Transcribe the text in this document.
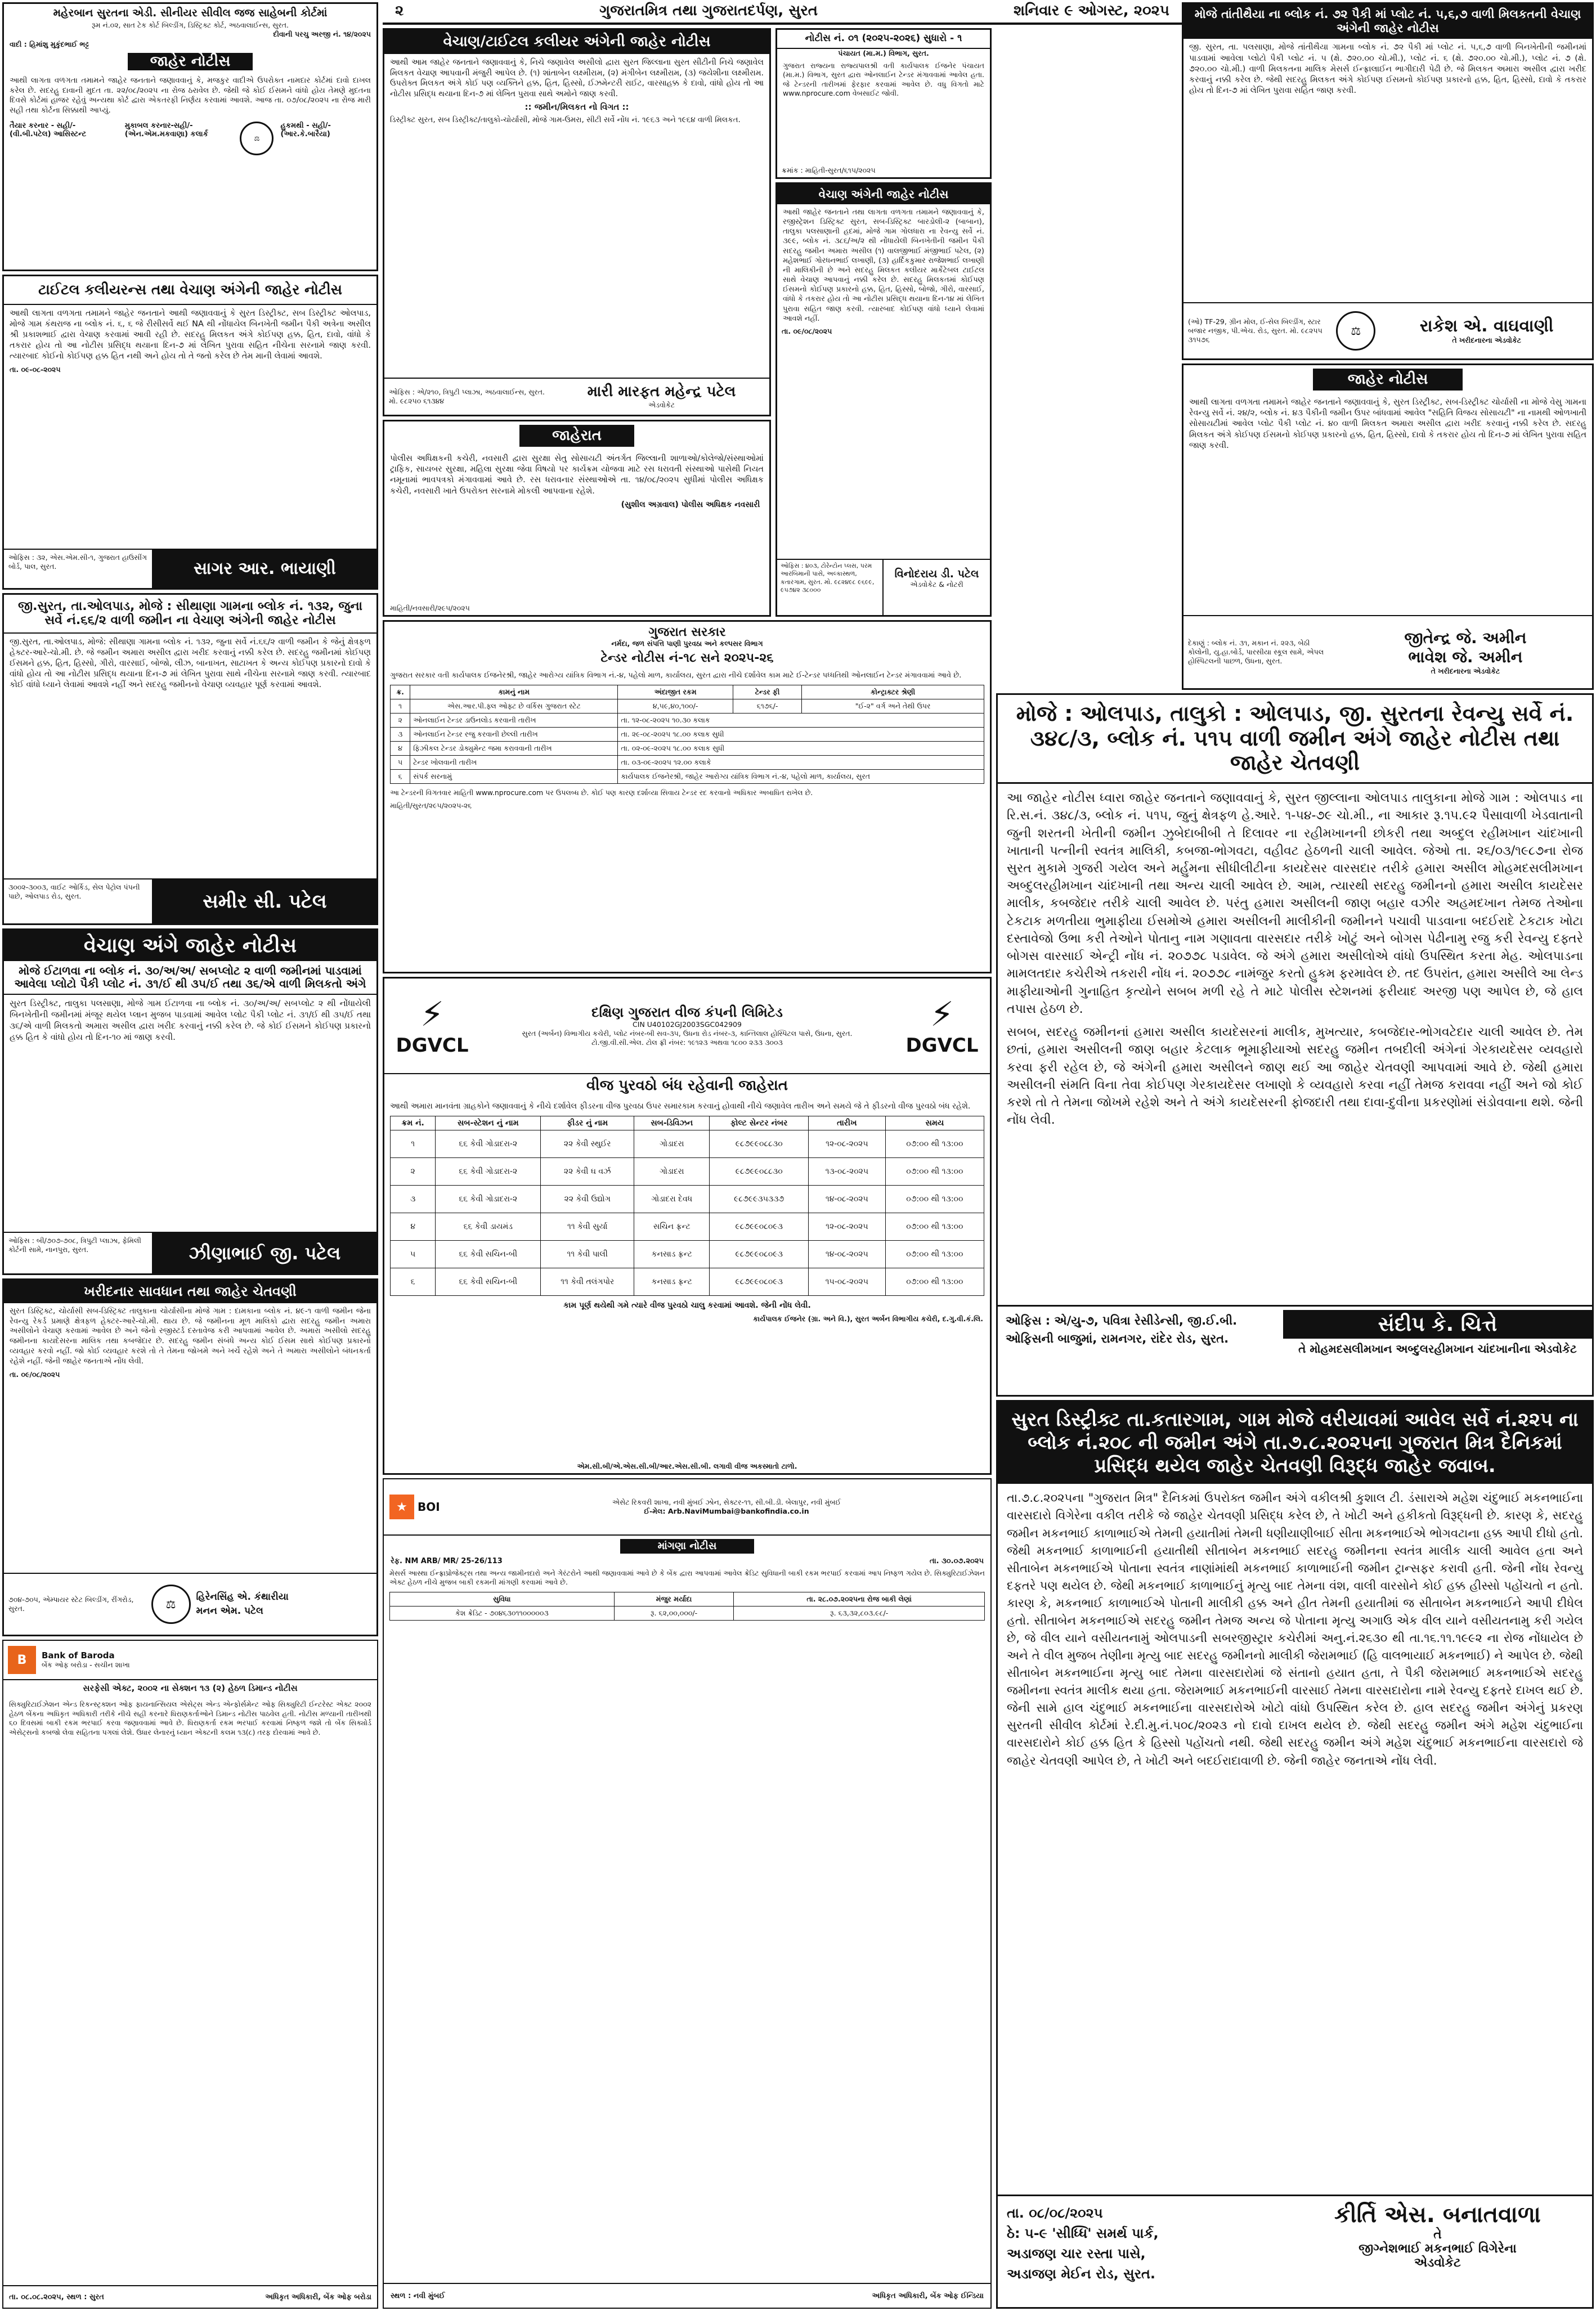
૨	ગુજરાતમિત્ર તથા ગુજરાતદર્પણ, સુરત	શનિવાર ૯ ઓગસ્ટ, ૨૦૨૫
મહેરબાન સુરતના એડી. સીનીયર સીવીલ જજ સાહેબની કોર્ટમાં
રૂમ નં.૦૨, સાત ટેક કોર્ટ બિલ્ડીંગ, ડિસ્ટ્રિક્ટ કોર્ટ, અઠવાલાઈન્સ, સુરત.
દીવાની પરચુ અરજી નં. ૧૪/૨૦૨૫
વાદી : હિમાંશુ મુકુંદભાઈ ભટ્ટ
જાહેર નોટીસ
આથી લાગતા વળગતા તમામને જાહેર જનતાને જણાવવાનું કે, મજકુર વાદીએ ઉપરોક્ત નામદાર કોર્ટમાં દાવો દાખલ કરેલ છે. સદરહુ દાવાની મુદત તા. ૨૨/૦૮/૨૦૨૫ ના રોજ ઠરાવેલ છે. જેથી જે કોઈ ઈસમને વાંધો હોય તેમણે મુદતના દિવસે કોર્ટમાં હાજર રહેવું અન્યથા કોર્ટ દ્વારા એકતરફી નિર્ણય કરવામાં આવશે. આજ તા. ૦૭/૦૮/૨૦૨૫ ના રોજ મારી સહી તથા કોર્ટના સિક્કાથી આપ્યું.
તૈયાર કરનાર - સહી/- (વી.બી.પટેલ) આસિસ્ટન્ટ
મુકાબલ કરનાર-સહી/- (એન.એમ.મકવાણા) કલાર્ક	⚖
હુકમથી - સહી/- (આર.કે.બારૈયા)
ટાઈટલ કલીયરન્સ તથા વેચાણ અંગેની જાહેર નોટીસ
આથી લાગતા વળગતા તમામને જાહેર જનતાને આથી જણાવવાનું કે સુરત ડિસ્ટ્રીક્ટ, સબ ડિસ્ટ્રીક્ટ ઓલપાડ, મોજે ગામ કંથરાજ ના બ્લોક નં. ૬, ૬ જે રીસીસર્વે થઈ NA થી નોંધાયેલ બિનખેતી જમીન પૈકી અત્રેના અસીલ શ્રી પ્રકાશભાઈ દ્વારા વેચાણ કરવામાં આવી રહી છે. સદરહુ મિલકત અંગે કોઈપણ હક્ક, હિત, દાવો, વાંધો કે તકરાર હોય તો આ નોટીસ પ્રસિદ્ધ થયાના દિન-૭ માં લેખિત પુરાવા સહિત નીચેના સરનામે જાણ કરવી. ત્યારબાદ કોઈનો કોઈપણ હક્ક હિત નથી અને હોય તો તે જતો કરેલ છે તેમ માની લેવામાં આવશે.
તા. ૦૯-૦૮-૨૦૨૫
ઓફિસ : ૩૨, એસ.એમ.સી-૧, ગુજરાત હાઉસીંગ બોર્ડ, પાલ, સુરત.	સાગર આર. ભાયાણી
જી.સુરત, તા.ઓલપાડ, મોજે : સીથાણા ગામના બ્લોક નં. ૧૩૨, જુના સર્વે નં.૬૬/૨ વાળી જમીન ના વેચાણ અંગેની જાહેર નોટીસ
જી.સુરત, તા.ઓલપાડ, મોજે: સીથાણા ગામના બ્લોક નં. ૧૩૨, જુના સર્વે નં.૬૬/૨ વાળી જમીન કે જેનું ક્ષેત્રફળ હેક્ટર-આરે-ચો.મી. છે. જે જમીન અમારા અસીલ દ્વારા ખરીદ કરવાનું નક્કી કરેલ છે. સદરહુ જમીનમાં કોઈપણ ઈસમને હક્ક, હિત, હિસ્સો, ગીરો, વારસાઈ, બોજો, લીઝ, બાનાખત, સાટાખત કે અન્ય કોઈપણ પ્રકારનો દાવો કે વાંધો હોય તો આ નોટીસ પ્રસિદ્ધ થયાના દિન-૭ માં લેખિત પુરાવા સાથે નીચેના સરનામે જાણ કરવી. ત્યારબાદ કોઈ વાંધો ધ્યાને લેવામાં આવશે નહીં અને સદરહુ જમીનનો વેચાણ વ્યવહાર પૂર્ણ કરવામાં આવશે.
૩૦૦૨-૩૦૦૩, વાઈટ ઓર્કિડ, સેલ પેટ્રોલ પંપની પાછે, ઓલપાડ રોડ, સુરત.	સમીર સી. પટેલ
વેચાણ અંગે જાહેર નોટીસ
મોજે ઈટાળવા ના બ્લોક નં. ૩૦/અ/અ/ સબપ્લોટ ૨ વાળી જમીનમાં પાડવામાં આવેલા પ્લોટો પૈકી પ્લોટ નં. ૩૧/ઈ થી ૩૫/ઈ તથા ૩૬/એ વાળી મિલકતો અંગે
સુરત ડિસ્ટ્રીક્ટ, તાલુકા પલસાણા, મોજે ગામ ઈટાળવા ના બ્લોક નં. ૩૦/અ/અ/ સબપ્લોટ ૨ થી નોંધાયેલી બિનખેતીની જમીનમાં મંજૂર થયેલ પ્લાન મુજબ પાડવામાં આવેલ પ્લોટ પૈકી પ્લોટ નં. ૩૧/ઈ થી ૩૫/ઈ તથા ૩૬/એ વાળી મિલકતો અમારા અસીલ દ્વારા ખરીદ કરવાનું નક્કી કરેલ છે. જે કોઈ ઈસમને કોઈપણ પ્રકારનો હક્ક હિત કે વાંધો હોય તો દિન-૧૦ માં જાણ કરવી.
ઓફિસ : બી/૭૦૭-૭૦૮, ત્રિપુટી પ્લાઝા, ફેમિલી કોર્ટની સામે, નાનપુરા, સુરત.	ઝીણાભાઈ જી. પટેલ
ખરીદનાર સાવધાન તથા જાહેર ચેતવણી
સુરત ડિસ્ટ્રિક્ટ, ચોર્યાસી સબ-ડિસ્ટ્રિક્ટ તાલુકાના ચોર્યાસીના મોજે ગામ : દામકાના બ્લોક નં. ૪૯-૧ વાળી જમીન જેના રેવન્યુ રેકર્ડ પ્રમાણે ક્ષેત્રફળ હેક્ટર-આરે-ચો.મી. થાય છે. જે જમીનના મૂળ માલિકો દ્વારા સદરહુ જમીન અમારા અસીલોને વેચાણ કરવામાં આવેલ છે અને જેનો રજીસ્ટર્ડ દસ્તાવેજ કરી આપવામાં આવેલ છે. અમારા અસીલો સદરહુ જમીનના કાયદેસરના માલિક તથા કબજેદાર છે. સદરહુ જમીન સંબંધે અન્ય કોઈ ઈસમ સાથે કોઈપણ પ્રકારનો વ્યવહાર કરવો નહીં. જો કોઈ વ્યવહાર કરશે તો તે તેમના જોખમે અને ખર્ચે રહેશે અને તે અમારા અસીલોને બંધનકર્તા રહેશે નહીં. જેની જાહેર જનતાએ નોંધ લેવી.
તા. ૦૯/૦૮/૨૦૨૫
૭૦૪-૭૦૫, એમ્પાયર સ્ટેટ બિલ્ડીંગ, રીંગરોડ, સુરત.	⚖
હિરેનસિંહ એ. કંથારીયા
મનન એમ. પટેલ
B	Bank of Baroda
બેંક ઓફ બરોડા - સચીન શાખા
સરફેસી એક્ટ, ૨૦૦૨ ના સેક્શન ૧૩ (૨) હેઠળ ડિમાન્ડ નોટીસ
સિક્યુરિટાઈઝેશન એન્ડ રિકન્સ્ટ્રક્શન ઓફ ફાયનાન્સિયલ એસેટ્સ એન્ડ એન્ફોર્સમેન્ટ ઓફ સિક્યુરિટી ઈન્ટરેસ્ટ એક્ટ ૨૦૦૨ હેઠળ બેંકના અધિકૃત અધિકારી તરીકે નીચે સહી કરનારે ધિરાણકર્તાઓને ડિમાન્ડ નોટીસ પાઠવેલ હતી. નોટીસ મળ્યાની તારીખથી ૬૦ દિવસમાં બાકી રકમ ભરપાઈ કરવા જણાવવામાં આવે છે. ધિરાણકર્તા રકમ ભરપાઈ કરવામાં નિષ્ફળ જશે તો બેંક સિક્યોર્ડ એસેટ્સનો કબજો લેવા સહિતના પગલાં લેશે. ઉધાર લેનારનું ધ્યાન એક્ટની કલમ ૧૩(૮) તરફ દોરવામાં આવે છે.
તા. ૦૮.૦૮.૨૦૨૫, સ્થળ : સુરત	અધિકૃત અધિકારી, બેંક ઓફ બરોડા
વેચાણ/ટાઈટલ કલીયર અંગેની જાહેર નોટીસ
આથી આમ જાહેર જનતાને જણાવવાનું કે, નિચે જણાવેલ અસીલો દ્વારા સુરત જિલ્લાના સુરત સીટીની નિચે જણાવેલ મિલકત વેચાણ આપવાની મંજુરી આપેલ છે. (૧) શાંતાબેન લક્ષ્મીરામ, (૨) મંગીબેન લક્ષ્મીરામ, (૩) જયેશીના લક્ષ્મીરામ. ઉપરોક્ત મિલકત અંગે કોઈ પણ વ્યક્તિને હક્ક, હિત, હિસ્સો, ઈઝમેન્ટરી રાઈટ, વારસાહક્ક કે દાવો, વાંધો હોય તો આ નોટીસ પ્રસિદ્ધ થયાના દિન-૭ માં લેખિત પુરાવા સાથે અમોને જાણ કરવી.
:: જમીન/મિલકત નો વિગત ::
ડિસ્ટ્રીક્ટ સુરત, સબ ડિસ્ટ્રીક્ટ/તાલુકો-ચોર્યાસી, મોજે ગામ-ઉમરા, સીટી સર્વે નોંધ નં. ૧૯૬૩ અને ૧૯૬૪ વાળી મિલકત.
ઓફિસ : એ/૨૧૦, ત્રિપુટી પ્લાઝા, અઠવાલાઈન્સ, સુરત. મો. ૯૮૨૫૦ ૬૧૩૪૪
મારી મારફત મહેન્દ્ર પટેલ
એડવોકેટ
જાહેરાત
પોલીસ અધિક્ષકની કચેરી, નવસારી દ્વારા સુરક્ષા સેતુ સોસાયટી અંતર્ગત જિલ્લાની શાળાઓ/કોલેજો/સંસ્થાઓમાં ટ્રાફિક, સાયબર સુરક્ષા, મહિલા સુરક્ષા જેવા વિષયો પર કાર્યક્રમ યોજવા માટે રસ ધરાવતી સંસ્થાઓ પાસેથી નિયત નમૂનામાં ભાવપત્રકો મંગાવવામાં આવે છે. રસ ધરાવનાર સંસ્થાઓએ તા. ૧૪/૦૮/૨૦૨૫ સુધીમાં પોલીસ અધિક્ષક કચેરી, નવસારી ખાતે ઉપરોક્ત સરનામે મોકલી આપવાના રહેશે.
(સુશીલ અગ્રવાલ) પોલીસ અધિક્ષક નવસારી
માહિતી/નવસારી/૨૯૫/૨૦૨૫
ગુજરાત સરકાર
નર્મદા, જળ સંપત્તિ પાણી પુરવઠા અને કલ્પસર વિભાગ
ટેન્ડર નોટીસ નં-૧૮ સને ૨૦૨૫-૨૬
ગુજરાત સરકાર વતી કાર્યપાલક ઈજનેરશ્રી, જાહેર આરોગ્ય યાંત્રિક વિભાગ નં.-૪, પહેલો માળ, કાર્યાલય, સુરત દ્વારા નીચે દર્શાવેલ કામ માટે ઈ-ટેન્ડર પધ્ધતિથી ઓનલાઈન ટેન્ડર મંગાવવામાં આવે છે.
ક્ર.	કામનું નામ	અંદાજીત રકમ	ટેન્ડર ફી	કોન્ટ્રાક્ટર શ્રેણી
૧	એસ.આર.પી.ફ્લ ઓફ્ટ છે વર્કિસ ગુજરાત સ્ટેટ	૪,૫૯,૪૦,૧૦૦/-	૬૧૭૬/-	"ઈ-૨" વર્ગ અને તેથી ઉપર
૨	ઓનલાઈન ટેન્ડર ડાઉનલોડ કરવાની તારીખ	તા. ૧૨-૦૮-૨૦૨૫ ૧૦.૩૦ કલાક		
૩	ઓનલાઈન ટેન્ડર રજુ કરવાની છેલ્લી તારીખ	તા. ૨૯-૦૮-૨૦૨૫ ૧૮.૦૦ કલાક સુધી		
૪	ફિઝીકલ ટેન્ડર ડોક્યુમેન્ટ જમા કરાવવાની તારીખ	તા. ૦૨-૦૯-૨૦૨૫ ૧૮.૦૦ કલાક સુધી		
૫	ટેન્ડર ખોલવાની તારીખ	તા. ૦૩-૦૯-૨૦૨૫ ૧૨.૦૦ કલાકે		
૬	સંપર્ક સરનામું	કાર્યપાલક ઈજનેરશ્રી, જાહેર આરોગ્ય યાંત્રિક વિભાગ નં.-૪, પહેલો માળ, કાર્યાલય, સુરત		
આ ટેન્ડરની વિગતવાર માહિતી www.nprocure.com પર ઉપલબ્ધ છે. કોઈ પણ કારણ દર્શાવ્યા સિવાય ટેન્ડર રદ કરવાનો અધિકાર અબાધિત રાખેલ છે.
માહિતી/સુરત/૨૯૫/૨૦૨૫-૨૬
⚡
DGVCL
દક્ષિણ ગુજરાત વીજ કંપની લિમિટેડ
CIN U40102GJ2003SGC042909
સુરત (અર્બન) વિભાગીય કચેરી, પ્લોટ નંબર-બી સવ-૩૫, ઉધના રોડ નંબર-૩, કાન્તિલાલ હોસ્પિટલ પાસે, ઉધના, સુરત.
ટો.જી.વી.સી.એલ. ટોલ ફ્રી નંબર: ૧૯૧૨૩ અથવા ૧૮૦૦ ૨૩૩ ૩૦૦૩
⚡
DGVCL
વીજ પુરવઠો બંધ રહેવાની જાહેરાત
આથી અમારા માનવંતા ગ્રાહકોને જણાવવાનું કે નીચે દર્શાવેલ ફીડરના વીજ પુરવઠા ઉપર સમારકામ કરવાનું હોવાથી નીચે જણાવેલ તારીખ અને સમયે જે તે ફીડરનો વીજ પુરવઠો બંધ રહેશે.
ક્રમ નં.	સબ-સ્ટેશન નું નામ	ફીડર નું નામ	સબ-ડિવિઝન	ફોલ્ટ સેન્ટર નંબર	તારીખ	સમય
૧	૬૬ કેવી ગોડાદરા-૨	૨૨ કેવી સ્થુઈર	ગોડાદરા	૯૮૭૯૯૦૮૮૩૦	૧૨-૦૮-૨૦૨૫	૦૭:૦૦ થી ૧૩:૦૦
૨	૬૬ કેવી ગોડાદરા-૨	૨૨ કેવી ઘ વર્ઝ	ગોડાદરા	૯૮૭૯૯૦૮૮૩૦	૧૩-૦૮-૨૦૨૫	૦૭:૦૦ થી ૧૩:૦૦
૩	૬૬ કેવી ગોડાદરા-૨	૨૨ કેવી ઉદ્યોગ	ગોડાદરા દેવધ	૯૮૭૯૯૩૫૩૩૭	૧૪-૦૮-૨૦૨૫	૦૭:૦૦ થી ૧૩:૦૦
૪	૬૬ કેવી ડાયમંડ	૧૧ કેવી સુર્યા	સચિન ફ્રન્ટ	૯૮૭૯૯૦૮૦૯૩	૧૨-૦૮-૨૦૨૫	૦૭:૦૦ થી ૧૩:૦૦
૫	૬૬ કેવી સચિન-બી	૧૧ કેવી પાલી	કનસાડ ફ્રન્ટ	૯૮૭૯૯૦૮૦૯૩	૧૪-૦૮-૨૦૨૫	૦૭:૦૦ થી ૧૩:૦૦
૬	૬૬ કેવી સચિન-બી	૧૧ કેવી તલંગપોર	કનસાડ ફ્રન્ટ	૯૮૭૯૯૦૮૦૯૩	૧૫-૦૮-૨૦૨૫	૦૭:૦૦ થી ૧૩:૦૦
કામ પૂર્ણ થયેથી ગમે ત્યારે વીજ પુરવઠો ચાલુ કરવામાં આવશે. જેની નોંધ લેવી.
કાર્યપાલક ઈજનેર (ગ્રા. અને વિ.), સુરત અર્બન વિભાગીય કચેરી, દ.ગુ.વી.કં.લિ.
એમ.સી.બી/એ.એસ.સી.બી/આર.એસ.સી.બી. લગાવી વીજ અકસ્માતો ટાળો.
★ BOI	એસેટ રિકવરી શાખા, નવી મુંબઈ ઝોન, સેક્ટર-૧૧, સી.બી.ડી. બેલાપુર, નવી મુંબઈ
ઈ-મેલ: Arb.NaviMumbai@bankofindia.co.in
માંગણા નોટીસ
રેફ. NM ARB/ MR/ 25-26/113	તા. ૩૦.૦૭.૨૦૨૫
મેસર્સ આસ્થા ઈન્ફ્રાપ્રોજેક્ટ્સ તથા અન્ય જામીનદારો અને ગેરંટરોને આથી જણાવવામાં આવે છે કે બેંક દ્વારા આપવામાં આવેલ ક્રેડિટ સુવિધાની બાકી રકમ ભરપાઈ કરવામાં આપ નિષ્ફળ ગયેલ છે. સિક્યુરિટાઈઝેશન એક્ટ હેઠળ નીચે મુજબ બાકી રકમની માંગણી કરવામાં આવે છે.
સુવિધા	મંજુર મર્યાદા	તા. ૨૮.૦૭.૨૦૨૫ના રોજ બાકી લેણાં
કેશ ક્રેડિટ - ૭૦૪૬૩૦૧૧૦૦૦૦૦૩	રૂ. ૬૨,૦૦,૦૦૦/-	રૂ. ૬૩,૩૨,૮૦૩.૯૮/-
સ્થળ : નવી મુંબઈ	અધિકૃત અધિકારી, બેંક ઓફ ઈન્ડિયા
નોટીસ નં. ૦૧ (૨૦૨૫-૨૦૨૬) સુધારો - ૧
પંચાયત (મા.મ.) વિભાગ, સુરત.
ગુજરાત રાજ્યના રાજ્યપાલશ્રી વતી કાર્યપાલક ઈજનેર પંચાયત (મા.મ.) વિભાગ, સુરત દ્વારા ઓનલાઈન ટેન્ડર મંગાવવામાં આવેલ હતા. જે ટેન્ડરની તારીખમાં ફેરફાર કરવામાં આવેલ છે. વધુ વિગતો માટે www.nprocure.com વેબસાઈટ જોવી.
ક્રમાંક : માહિતી-સુરત/૬૧૫/૨૦૨૫
વેચાણ અંગેની જાહેર નોટીસ
આથી જાહેર જનતાને તથા લાગતા વળગતા તમામને જણાવવાનું કે, રજીસ્ટ્રેશન ડિસ્ટ્રિક્ટ સુરત, સબ-ડિસ્ટ્રિક્ટ બારડોલી-૨ (બાબાન), તાલુકા પલસાણાની હદમાં, મોજે ગામ ગોલધારા ના રેવન્યુ સર્વે નં. ૩૯૯, બ્લોક નં. ૩૮૬/અ/૨ થી નોંધાયેલી બિનખેતીની જમીન પૈકી સદરહુ જમીન અમારા અસીલ (૧) વાલજીભાઈ મંજીભાઈ પટેલ, (૨) મહેશભાઈ ગોરધનભાઈ લખાણી, (૩) હાર્દિકકુમાર રાજેશભાઈ લખાણી ની માલિકીની છે અને સદરહુ મિલકત કલીયર માર્કેટેબલ ટાઈટલ સાથે વેચાણ આપવાનું નક્કી કરેલ છે. સદરહુ મિલકતમાં કોઈપણ ઈસમનો કોઈપણ પ્રકારનો હક્ક, હિત, હિસ્સો, બોજો, ગીરો, વારસાઈ, વાંધો કે તકરાર હોય તો આ નોટીસ પ્રસિદ્ધ થયાના દિન-૧૪ માં લેખિત પુરાવા સહિત જાણ કરવી. ત્યારબાદ કોઈપણ વાંધો ધ્યાને લેવામાં આવશે નહીં.
તા. ૦૯/૦૮/૨૦૨૫
ઓફિસ : ૪૦૩, ટોરેન્ટોન પ્લસ, પરમ આરબિમાની પાસે, અલ્કાસ્થળ, કતારગામ, સુરત. મો. ૯૮૨૪૯૮ ૯૬૯૯, ૯૫૭૪૨ ૩૮૦૦૦
વિનોદરાય ડી. પટેલ
એડવોકેટ & નોટરી
મોજે તાંતીથૈયા ના બ્લોક નં. ૭૨ પૈકી માં પ્લોટ નં. ૫,૬,૭ વાળી મિલકતની વેચાણ અંગેની જાહેર નોટીસ
જી. સુરત, તા. પલસાણા, મોજે તાંતીથૈયા ગામના બ્લોક નં. ૭૨ પૈકી માં પ્લોટ નં. ૫,૬,૭ વાળી બિનખેતીની જમીનમાં પાડવામાં આવેલા પ્લોટો પૈકી પ્લોટ નં. ૫ (ક્ષે. ૭૨૦.૦૦ ચો.મી.), પ્લોટ નં. ૬ (ક્ષે. ૭૨૦.૦૦ ચો.મી.), પ્લોટ નં. ૭ (ક્ષે. ૭૨૦.૦૦ ચો.મી.) વાળી મિલકતના માલિક મેસર્સ ઈન્ફ્રાલાઈન ભાગીદારી પેઢી છે. જે મિલકત અમારા અસીલ દ્વારા ખરીદ કરવાનું નક્કી કરેલ છે. જેથી સદરહુ મિલકત અંગે કોઈપણ ઈસમનો કોઈપણ પ્રકારનો હક્ક, હિત, હિસ્સો, દાવો કે તકરાર હોય તો દિન-૭ માં લેખિત પુરાવા સહિત જાણ કરવી.
(ઓ) TF-29, ગ્રીન મોલ, ઈ-સેલ બિલ્ડીંગ, સ્ટાર બજાર નજીક, પી.એચ. રોડ, સુરત. મો. ૯૮૨૫૫ ૩૧૫૭૬
⚖	રાકેશ એ. વાઘવાણી
તે ખરીદનારના એડવોકેટ
જાહેર નોટીસ
આથી લાગતા વળગતા તમામને જાહેર જનતાને જણાવવાનું કે, સુરત ડિસ્ટ્રીક્ટ, સબ-ડિસ્ટ્રીક્ટ ચોર્યાસી ના મોજે વેસુ ગામના રેવન્યુ સર્વે નં. ૨૪/૨, બ્લોક નં. ૪૩ પૈકીની જમીન ઉપર બાંધવામાં આવેલ "સહિતિ વિજય સોસાયટી" ના નામથી ઓળખાતી સોસાયટીમાં આવેલ પ્લોટ પૈકી પ્લોટ નં. ૪૦ વાળી મિલકત અમારા અસીલ દ્વારા ખરીદ કરવાનું નક્કી કરેલ છે. સદરહુ મિલકત અંગે કોઈપણ ઈસમનો કોઈપણ પ્રકારનો હક્ક, હિત, હિસ્સો, દાવો કે તકરાર હોય તો દિન-૭ માં લેખિત પુરાવા સહિત જાણ કરવી.
દેકાણું : બ્લોક નં. ૩૧, મકાન નં. ૨૨૩, બેઠી કોલોની, યુ.હા.બોર્ડ, પારસીયા સ્કૂલ સામે, એપલ હોસ્પિટલની પાછળ, ઉધના, સુરત.
જીતેન્દ્ર જે. અમીન
ભાવેશ જે. અમીન
તે ખરીદનારના એડવોકેટ
મોજે : ઓલપાડ, તાલુકો : ઓલપાડ, જી. સુરતના રેવન્યુ સર્વે નં. ૩૪૮/૩, બ્લોક નં. ૫૧૫ વાળી જમીન અંગે જાહેર નોટીસ તથા જાહેર ચેતવણી
આ જાહેર નોટીસ ધ્વારા જાહેર જનતાને જણાવવાનું કે, સુરત જીલ્લાના ઓલપાડ તાલુકાના મોજે ગામ : ઓલપાડ ના રિ.સ.નં. ૩૪૮/૩, બ્લોક નં. ૫૧૫, જુનું ક્ષેત્રફળ હે.આરે. ૧-૫૪-૭૯ ચો.મી., ના આકાર રૂ.૧૫.૯૨ પૈસાવાળી ખેડવાતાની જુની શરતની ખેતીની જમીન ઝુબેદાબીબી તે દિલાવર ના રહીમખાનની છોકરી તથા અબ્દુલ રહીમખાન ચાંદખાની ખાતાની પત્નીની સ્વતંત્ર માલિકી, કબજા-ભોગવટા, વહીવટ હેઠળની ચાલી આવેલ. જેઓ તા. ૨૬/૦૩/૧૯૮૭ના રોજ સુરત મુકામે ગુજરી ગયેલ અને મર્હુમના સીધીલીટીના કાયદેસર વારસદાર તરીકે હમારા અસીલ મોહમદસલીમખાન અબ્દુલરહીમખાન ચાંદખાની તથા અન્ય ચાલી આવેલ છે. આમ, ત્યારથી સદરહુ જમીનનો હમારા અસીલ કાયદેસર માલીક, કબજેદાર તરીકે ચાલી આવેલ છે. પરંતુ હમારા અસીલની જાણ બહાર વઝીર અહમદખાન તેમજ તેઓના ટેકટાક મળતીયા ભુમાફીયા ઈસમોએ હમારા અસીલની માલીકીની જમીનને પચાવી પાડવાના બદઈરાદે ટેકટાક ખોટા દસ્તાવેજો ઉભા કરી તેઓને પોતાનુ નામ ગણાવતા વારસદાર તરીકે ખોટું અને બોગસ પેઢીનામુ રજુ કરી રેવન્યુ દફ્તરે બોગસ વારસાઈ એન્ટ્રી નોંધ નં. ૨૦૭૭૮ પડાવેલ. જે અંગે હમારા અસીલોએ વાંધો ઉપસ્થિત કરતા મેહ. ઓલપાડના મામલતદાર કચેરીએ તકરારી નોંધ નં. ૨૦૭૭૮ નામંજુર કરતો હુકમ ફરમાવેલ છે. તદ ઉપરાંત, હમારા અસીલે આ લેન્ડ માફીયાઓની ગુનાહિત કૃત્યોને સબબ મળી રહે તે માટે પોલીસ સ્ટેશનમાં ફરીયાદ અરજી પણ આપેલ છે, જે હાલ તપાસ હેઠળ છે.
સબબ, સદરહુ જમીનનાં હમારા અસીલ કાયદેસરનાં માલીક, મુખત્યાર, કબજેદાર-ભોગવટેદાર ચાલી આવેલ છે. તેમ છતાં, હમારા અસીલની જાણ બહાર કેટલાક ભૂમાફીયાઓ સદરહુ જમીન તબદીલી અંગેનાં ગેરકાયદેસર વ્યવહારો કરવા ફરી રહેલ છે, જે અંગેની હમારા અસીલને જાણ થઈ આ જાહેર ચેતવણી આપવામાં આવે છે. જેથી હમારા અસીલની સંમતિ વિના તેવા કોઈપણ ગેરકાયદેસર લખાણો કે વ્યવહારો કરવા નહીં તેમજ કરાવવા નહીં અને જો કોઈ કરશે તો તે તેમના જોખમે રહેશે અને તે અંગે કાયદેસરની ફોજદારી તથા દાવા-દુવીના પ્રકરણોમાં સંડોવવાના થશે. જેની નોંધ લેવી.
ઓફિસ : એ/યુ-૭, પવિત્રા રેસીડેન્સી, જી.ઈ.બી. ઓફિસની બાજુમાં, રામનગર, રાંદેર રોડ, સુરત.
સંદીપ કે. ચિત્તે
તે મોહમદસલીમખાન અબ્દુલરહીમખાન ચાંદખાનીના એડવોકેટ
સુરત ડિસ્ટ્રીક્ટ તા.કતારગામ, ગામ મોજે વરીયાવમાં આવેલ સર્વે નં.૨૨૫ ના બ્લોક નં.૨૦૮ ની જમીન અંગે તા.૭.૮.૨૦૨૫ના ગુજરાત મિત્ર દૈનિકમાં પ્રસિદ્ધ થયેલ જાહેર ચેતવણી વિરૂદ્ધ જાહેર જવાબ.
તા.૭.૮.૨૦૨૫ના "ગુજરાત મિત્ર" દૈનિકમાં ઉપરોક્ત જમીન અંગે વકીલશ્રી કુશાલ ટી. ડંસારાએ મહેશ ચંદુભાઈ મકનભાઈના વારસદારો વિગેરેના વકીલ તરીકે જે જાહેર ચેતવણી પ્રસિદ્ધ કરેલ છે, તે ખોટી અને હકીકતો વિરૂદ્ધની છે. કારણ કે, સદરહુ જમીન મકનભાઈ કાળાભાઈએ તેમની હયાતીમાં તેમની ધણીયાણીબાઈ સીતા મકનભાઈએ ભોગવટાના હક્ક આપી દીધો હતો. જેથી મકનભાઈ કાળાભાઈની હયાતીથી સીતાબેન મકનભાઈ સદરહુ જમીનના સ્વતંત્ર માલીક ચાલી આવેલ હતા અને સીતાબેન મકનભાઈએ પોતાના સ્વતંત્ર નાણાંમાંથી મકનભાઈ કાળાભાઈની જમીન ટ્રાન્સફર કરાવી હતી. જેની નોંધ રેવન્યુ દફતરે પણ થયેલ છે. જેથી મકનભાઈ કાળાભાઈનું મૃત્યુ બાદ તેમના વંશ, વાલી વારસોને કોઈ હક્ક હીસ્સો પહોંચતો ન હતો. કારણ કે, મકનભાઈ કાળાભાઈએ પોતાની માલીકી હક્ક અને હીત તેમની હયાતીમાં જ સીતાબેન મકનભાઈને આપી દીધેલ હતો. સીતાબેન મકનભાઈએ સદરહુ જમીન તેમજ અન્ય જે પોતાના મૃત્યુ અગાઉ એક વીલ યાને વસીયતનામુ કરી ગયેલ છે, જે વીલ યાને વસીયતનામું ઓલપાડની સબરજીસ્ટ્રાર કચેરીમાં અનુ.નં.૨૬૩૦ થી તા.૧૬.૧૧.૧૯૯૨ ના રોજ નોંધાયેલ છે અને તે વીલ મુજબ તેણીના મૃત્યુ બાદ સદરહુ જમીનનો માલીકી જેરામભાઈ (હિ વાલભાયાઈ મકનભાઈ) ને આપેલ છે. જેથી સીતાબેન મકનભાઈના મૃત્યુ બાદ તેમના વારસદારોમાં જે સંતાનો હયાત હતા, તે પૈકી જેરામભાઈ મકનભાઈએ સદરહુ જમીનના સ્વતંત્ર માલીક થયા હતા. જેરામભાઈ મકનભાઈની વારસાઈ તેમના વારસદારોના નામે રેવન્યુ દફતરે દાખલ થઈ છે. જેની સામે હાલ ચંદુભાઈ મકનભાઈના વારસદારોએ ખોટો વાંધો ઉપસ્થિત કરેલ છે. હાલ સદરહુ જમીન અંગેનું પ્રકરણ સુરતની સીવીલ કોર્ટમાં રે.દી.મુ.નં.૫૦૮/૨૦૨૩ નો દાવો દાખલ થયેલ છે. જેથી સદરહુ જમીન અંગે મહેશ ચંદુભાઈના વારસદારોને કોઈ હક્ક હિત કે હિસ્સો પહોંચતો નથી. જેથી સદરહુ જમીન અંગે મહેશ ચંદુભાઈ મકનભાઈના વારસદારો જે જાહેર ચેતવણી આપેલ છે, તે ખોટી અને બદઈરાદાવાળી છે. જેની જાહેર જનતાએ નોંધ લેવી.
તા. ૦૮/૦૮/૨૦૨૫
ઠે: ૫-૯ 'સીધ્ધિ' સમર્થ પાર્ક,
અડાજણ ચાર રસ્તા પાસે,
અડાજણ મેઈન રોડ, સુરત.
કીર્તિ એસ. બનાતવાળા
તે
જીગ્નેશભાઈ મકનભાઈ વિગેરેના
એડવોકેટ
